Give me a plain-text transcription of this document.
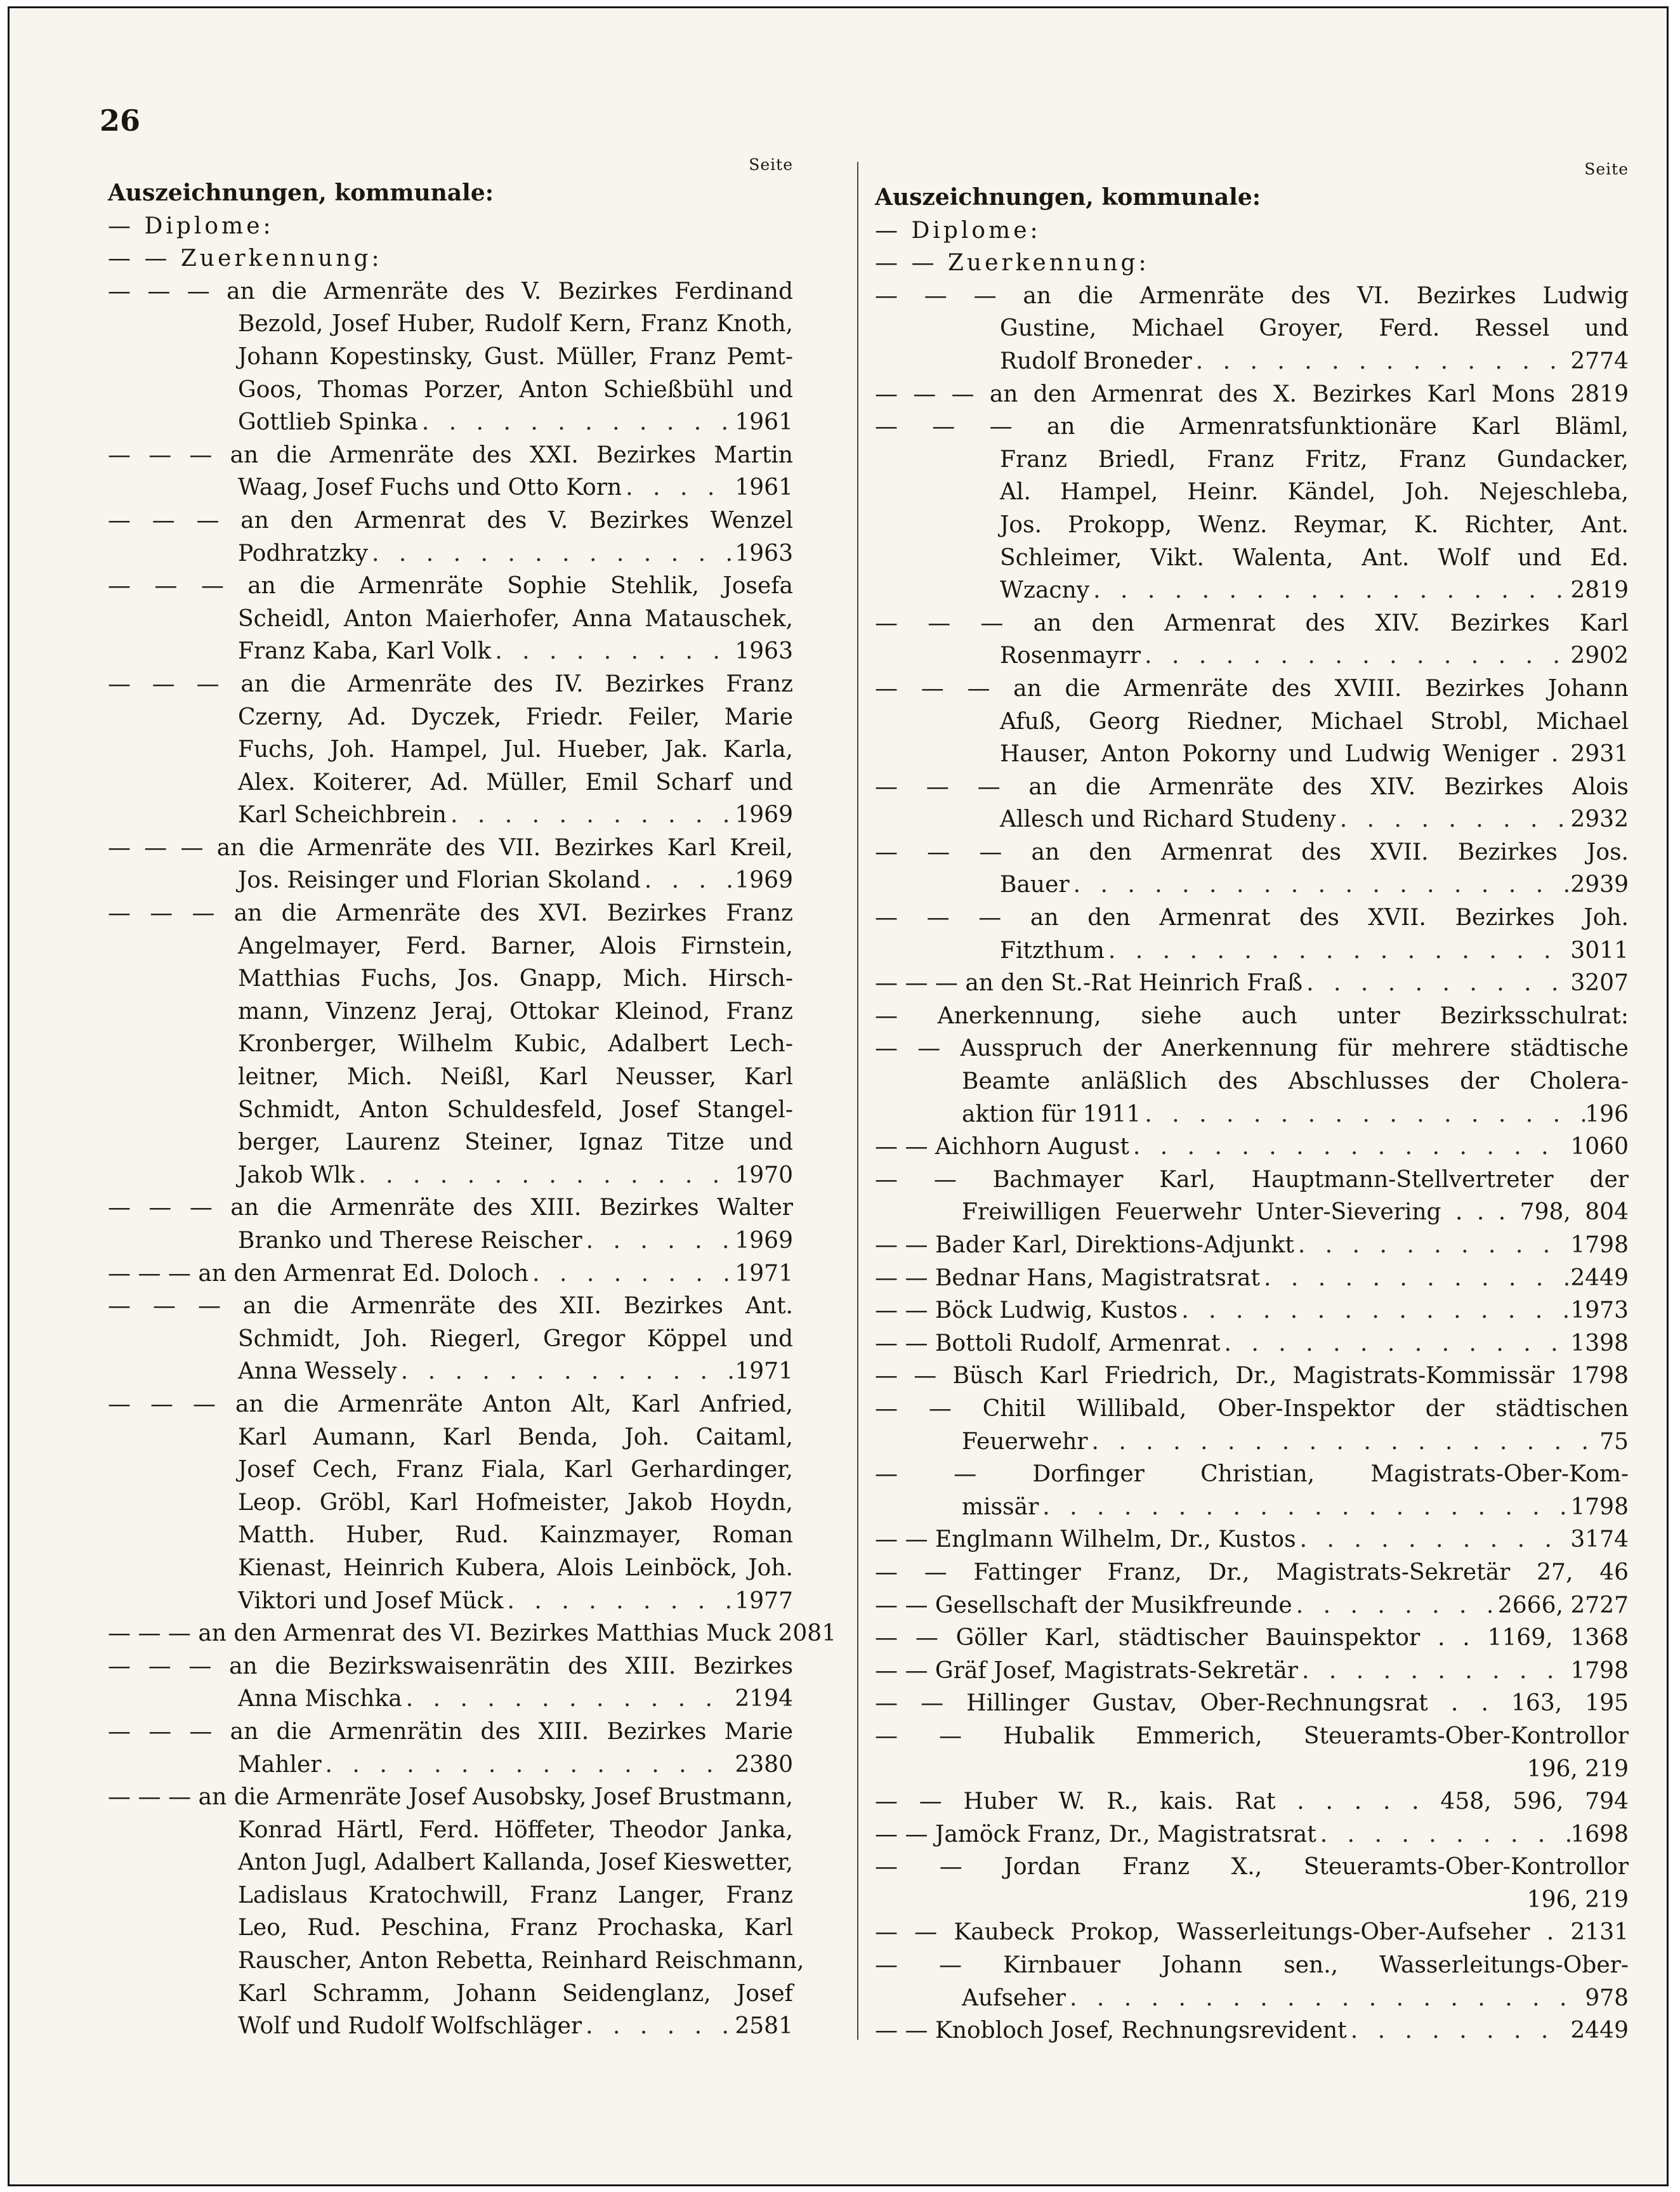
26
Seite
Auszeichnungen, kommunale:
— Diplome:
— — Zuerkennung:
— — — an die Armenräte des V. Bezirkes Ferdinand
Bezold, Josef Huber, Rudolf Kern, Franz Knoth,
Johann Kopestinsky, Gust. Müller, Franz Pemt-
Goos, Thomas Porzer, Anton Schießbühl und
Gottlieb Spinka . . .	1961
— — — an die Armenräte des XXI. Bezirkes Martin
Waag, Josef Fuchs und Otto Korn . . .	1961
— — — an den Armenrat des V. Bezirkes Wenzel
Podhratzky . . .	1963
— — — an die Armenräte Sophie Stehlik, Josefa
Scheidl, Anton Maierhofer, Anna Matauschek,
Franz Kaba, Karl Volk . . .	1963
— — — an die Armenräte des IV. Bezirkes Franz
Czerny, Ad. Dyczek, Friedr. Feiler, Marie
Fuchs, Joh. Hampel, Jul. Hueber, Jak. Karla,
Alex. Koiterer, Ad. Müller, Emil Scharf und
Karl Scheichbrein . . .	1969
— — — an die Armenräte des VII. Bezirkes Karl Kreil,
Jos. Reisinger und Florian Skoland . . .	1969
— — — an die Armenräte des XVI. Bezirkes Franz
Angelmayer, Ferd. Barner, Alois Firnstein,
Matthias Fuchs, Jos. Gnapp, Mich. Hirsch-
mann, Vinzenz Jeraj, Ottokar Kleinod, Franz
Kronberger, Wilhelm Kubic, Adalbert Lech-
leitner, Mich. Neißl, Karl Neusser, Karl
Schmidt, Anton Schuldesfeld, Josef Stangel-
berger, Laurenz Steiner, Ignaz Titze und
Jakob Wlk . . .	1970
— — — an die Armenräte des XIII. Bezirkes Walter
Branko und Therese Reischer . . .	1969
— — — an den Armenrat Ed. Doloch . . .	1971
— — — an die Armenräte des XII. Bezirkes Ant.
Schmidt, Joh. Riegerl, Gregor Köppel und
Anna Wessely . . .	1971
— — — an die Armenräte Anton Alt, Karl Anfried,
Karl Aumann, Karl Benda, Joh. Caitaml,
Josef Cech, Franz Fiala, Karl Gerhardinger,
Leop. Gröbl, Karl Hofmeister, Jakob Hoydn,
Matth. Huber, Rud. Kainzmayer, Roman
Kienast, Heinrich Kubera, Alois Leinböck, Joh.
Viktori und Josef Mück . . .	1977
— — — an den Armenrat des VI. Bezirkes Matthias Muck 2081
— — — an die Bezirkswaisenrätin des XIII. Bezirkes
Anna Mischka . . .	2194
— — — an die Armenrätin des XIII. Bezirkes Marie
Mahler . . .	2380
— — — an die Armenräte Josef Ausobsky, Josef Brustmann,
Konrad Härtl, Ferd. Höffeter, Theodor Janka,
Anton Jugl, Adalbert Kallanda, Josef Kieswetter,
Ladislaus Kratochwill, Franz Langer, Franz
Leo, Rud. Peschina, Franz Prochaska, Karl
Rauscher, Anton Rebetta, Reinhard Reischmann,
Karl Schramm, Johann Seidenglanz, Josef
Wolf und Rudolf Wolfschläger . . .	2581
Seite
Auszeichnungen, kommunale:
— Diplome:
— — Zuerkennung:
— — — an die Armenräte des VI. Bezirkes Ludwig
Gustine, Michael Groyer, Ferd. Ressel und
Rudolf Broneder . . .	2774
— — — an den Armenrat des X. Bezirkes Karl Mons 2819
— — — an die Armenratsfunktionäre Karl Bläml,
Franz Briedl, Franz Fritz, Franz Gundacker,
Al. Hampel, Heinr. Kändel, Joh. Nejeschleba,
Jos. Prokopp, Wenz. Reymar, K. Richter, Ant.
Schleimer, Vikt. Walenta, Ant. Wolf und Ed.
Wzacny . . .	2819
— — — an den Armenrat des XIV. Bezirkes Karl
Rosenmayrr . . .	2902
— — — an die Armenräte des XVIII. Bezirkes Johann
Afuß, Georg Riedner, Michael Strobl, Michael
Hauser, Anton Pokorny und Ludwig Weniger . 2931
— — — an die Armenräte des XIV. Bezirkes Alois
Allesch und Richard Studeny . . .	2932
— — — an den Armenrat des XVII. Bezirkes Jos.
Bauer . . .	2939
— — — an den Armenrat des XVII. Bezirkes Joh.
Fitzthum . . .	3011
— — — an den St.-Rat Heinrich Fraß . . .	3207
— Anerkennung, siehe auch unter Bezirksschulrat:
— — Ausspruch der Anerkennung für mehrere städtische
Beamte anläßlich des Abschlusses der Cholera-
aktion für 1911 . . .	196
— — Aichhorn August . . .	1060
— — Bachmayer Karl, Hauptmann-Stellvertreter der
Freiwilligen Feuerwehr Unter-Sievering . . . 798, 804
— — Bader Karl, Direktions-Adjunkt . . .	1798
— — Bednar Hans, Magistratsrat . . .	2449
— — Böck Ludwig, Kustos . . .	1973
— — Bottoli Rudolf, Armenrat . . .	1398
— — Büsch Karl Friedrich, Dr., Magistrats-Kommissär 1798
— — Chitil Willibald, Ober-Inspektor der städtischen
Feuerwehr . . .	75
— — Dorfinger Christian, Magistrats-Ober-Kom-
missär . . .	1798
— — Englmann Wilhelm, Dr., Kustos . . .	3174
— — Fattinger Franz, Dr., Magistrats-Sekretär 27, 46
— — Gesellschaft der Musikfreunde . . .	2666, 2727
— — Göller Karl, städtischer Bauinspektor . . 1169, 1368
— — Gräf Josef, Magistrats-Sekretär . . .	1798
— — Hillinger Gustav, Ober-Rechnungsrat . . 163, 195
— — Hubalik Emmerich, Steueramts-Ober-Kontrollor
196, 219
— — Huber W. R., kais. Rat . . . . . 458, 596, 794
— — Jamöck Franz, Dr., Magistratsrat . . .	1698
— — Jordan Franz X., Steueramts-Ober-Kontrollor
196, 219
— — Kaubeck Prokop, Wasserleitungs-Ober-Aufseher . 2131
— — Kirnbauer Johann sen., Wasserleitungs-Ober-
Aufseher . . .	978
— — Knobloch Josef, Rechnungsrevident . . .	2449
